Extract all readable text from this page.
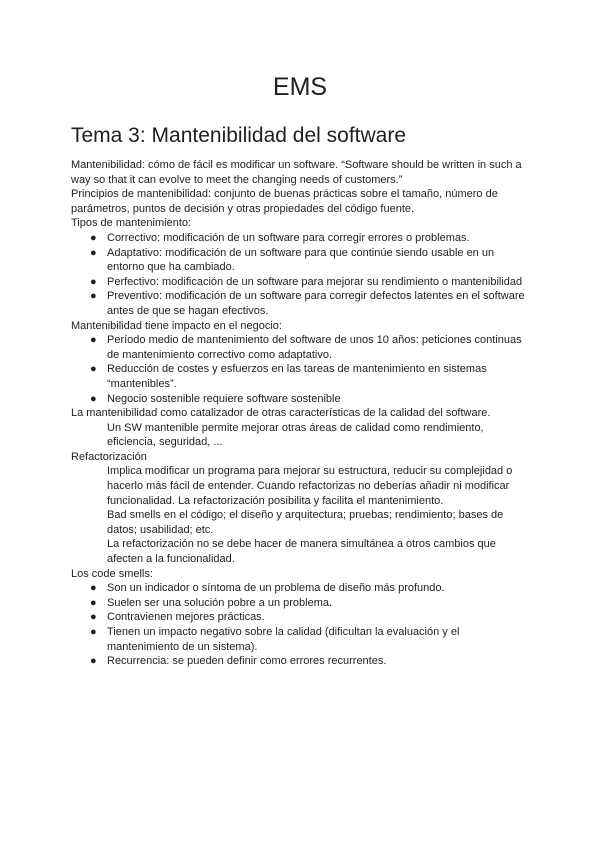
EMS
Tema 3: Mantenibilidad del software

Mantenibilidad: cómo de fácil es modificar un software. “Software should be written in such a way so that it can evolve to meet the changing needs of customers.”

Principios de mantenibilidad: conjunto de buenas prácticas sobre el tamaño, número de parámetros, puntos de decisión y otras propiedades del código fuente.

Tipos de mantenimiento:

● Correctivo: modificación de un software para corregir errores o problemas.
● Adaptativo: modificación de un software para que continúe siendo usable en un entorno que ha cambiado.
● Perfectivo: modificación de un software para mejorar su rendimiento o mantenibilidad
● Preventivo: modificación de un software para corregir defectos latentes en el software antes de que se hagan efectivos.

Mantenibilidad tiene impacto en el negocio:

● Período medio de mantenimiento del software de unos 10 años: peticiones continuas de mantenimiento correctivo como adaptativo.
● Reducción de costes y esfuerzos en las tareas de mantenimiento en sistemas “mantenibles”.
● Negocio sostenible requiere software sostenible

La mantenibilidad como catalizador de otras características de la calidad del software.

Un SW mantenible permite mejorar otras áreas de calidad como rendimiento, eficiencia, seguridad, ...

Refactorización

Implica modificar un programa para mejorar su estructura, reducir su complejidad o hacerlo más fácil de entender. Cuando refactorizas no deberías añadir ni modificar funcionalidad. La refactorización posibilita y facilita el mantenimiento.

Bad smells en el código; el diseño y arquitectura; pruebas; rendimiento; bases de datos; usabilidad; etc.

La refactorización no se debe hacer de manera simultánea a otros cambios que afecten a la funcionalidad.

Los code smells:

● Son un indicador o síntoma de un problema de diseño más profundo.
● Suelen ser una solución pobre a un problema.
● Contravienen mejores prácticas.
● Tienen un impacto negativo sobre la calidad (dificultan la evaluación y el mantenimiento de un sistema).
● Recurrencia: se pueden definir como errores recurrentes.
